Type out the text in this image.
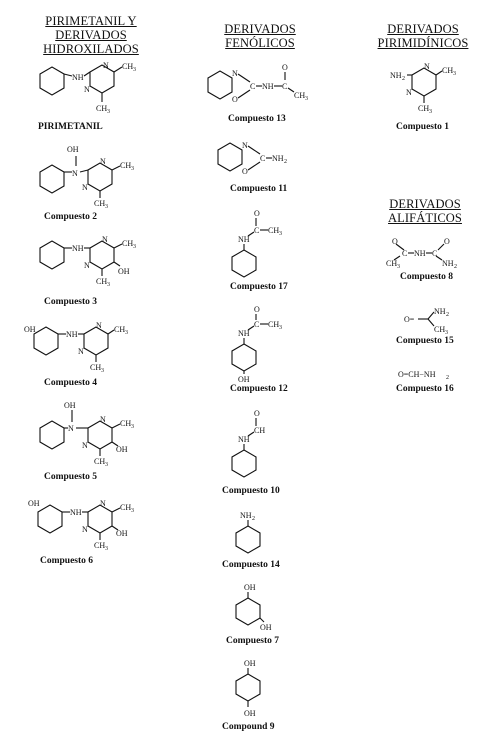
PIRIMETANIL Y
DERIVADOS HIDROXILADOS
DERIVADOS FENÓLICOS
DERIVADOS PIRIMIDÍNICOS
DERIVADOS ALIFÁTICOS
NH
N
N
CH 3
CH 3
PIRIMETANIL
N
OH
N
N
CH 3
CH 3
Compuesto 2
NH
N
N
CH 3
OH
CH 3
Compuesto 3
OH
NH
N
N
CH 3
CH 3
Compuesto 4
OH
N
N
N
CH 3
OH
CH 3
Compuesto 5
OH
NH
N
N
CH 3
OH
CH 3
Compuesto 6
N
O
C NH C
O
CH 3
Compuesto 13
N
O
C NH 2
Compuesto 11
O
C CH 3
NH
Compuesto 17
O
C CH 3
NH
OH
Compuesto 12
O
CH
NH
Compuesto 10
NH 2
Compuesto 14
OH
OH
Compuesto 7
OH
OH
Compound 9
NH 2
N
N
CH 3
CH 3
Compuesto 1
O
C
CH 3
NH C
O
NH 2
Compuesto 8
O=
NH 2
CH 3
Compuesto 15
O=CH−NH 2
Compuesto 16
